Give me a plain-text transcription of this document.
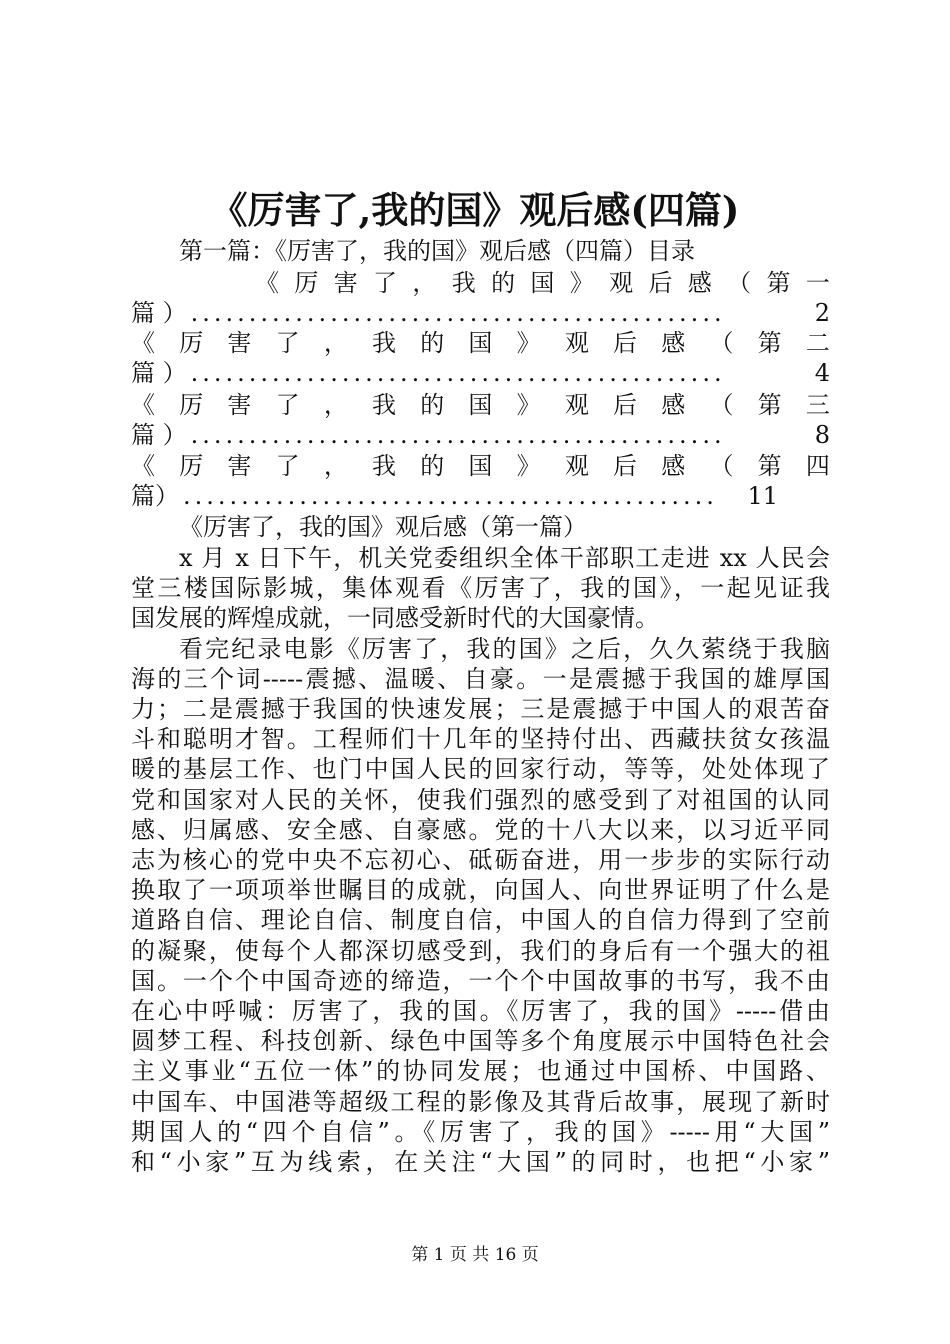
《厉害了,我的国》观后感(四篇)
第一篇：《厉害了，我的国》观后感（四篇）目录
《 厉 害 了 ， 我 的 国 》 观 后 感 （ 第 一
篇 ） ..............................................	2
《 厉 害 了 ， 我 的 国 》 观 后 感 （ 第 二
篇 ） ..............................................	4
《 厉 害 了 ， 我 的 国 》 观 后 感 （ 第 三
篇 ） ..............................................	8
《 厉 害 了 ， 我 的 国 》 观 后 感 （ 第 四
篇） ..............................................	11
《厉害了，我的国》观后感（第一篇）
x 月 x 日下午，机关党委组织全体干部职工走进 xx 人民会
堂三楼国际影城，集体观看《厉害了，我的国》，一起见证我
国发展的辉煌成就，一同感受新时代的大国豪情。
看完纪录电影《厉害了，我的国》之后，久久萦绕于我脑
海的三个词-----震撼、温暖、自豪。一是震撼于我国的雄厚国
力；二是震撼于我国的快速发展；三是震撼于中国人的艰苦奋
斗和聪明才智。工程师们十几年的坚持付出、西藏扶贫女孩温
暖的基层工作、也门中国人民的回家行动，等等，处处体现了
党和国家对人民的关怀，使我们强烈的感受到了对祖国的认同
感、归属感、安全感、自豪感。党的十八大以来，以习近平同
志为核心的党中央不忘初心、砥砺奋进，用一步步的实际行动
换取了一项项举世瞩目的成就，向国人、向世界证明了什么是
道路自信、理论自信、制度自信，中国人的自信力得到了空前
的凝聚，使每个人都深切感受到，我们的身后有一个强大的祖
国。一个个中国奇迹的缔造，一个个中国故事的书写，我不由
在心中呼喊：厉害了，我的国。《厉害了，我的国》-----借由
圆梦工程、科技创新、绿色中国等多个角度展示中国特色社会
主义事业“五位一体”的协同发展；也通过中国桥、中国路、
中国车、中国港等超级工程的影像及其背后故事，展现了新时
期国人的“四个自信”。《厉害了，我的国》-----用“大国”
和“小家”互为线索，在关注“大国”的同时，也把“小家”
第 1 页 共 16 页
